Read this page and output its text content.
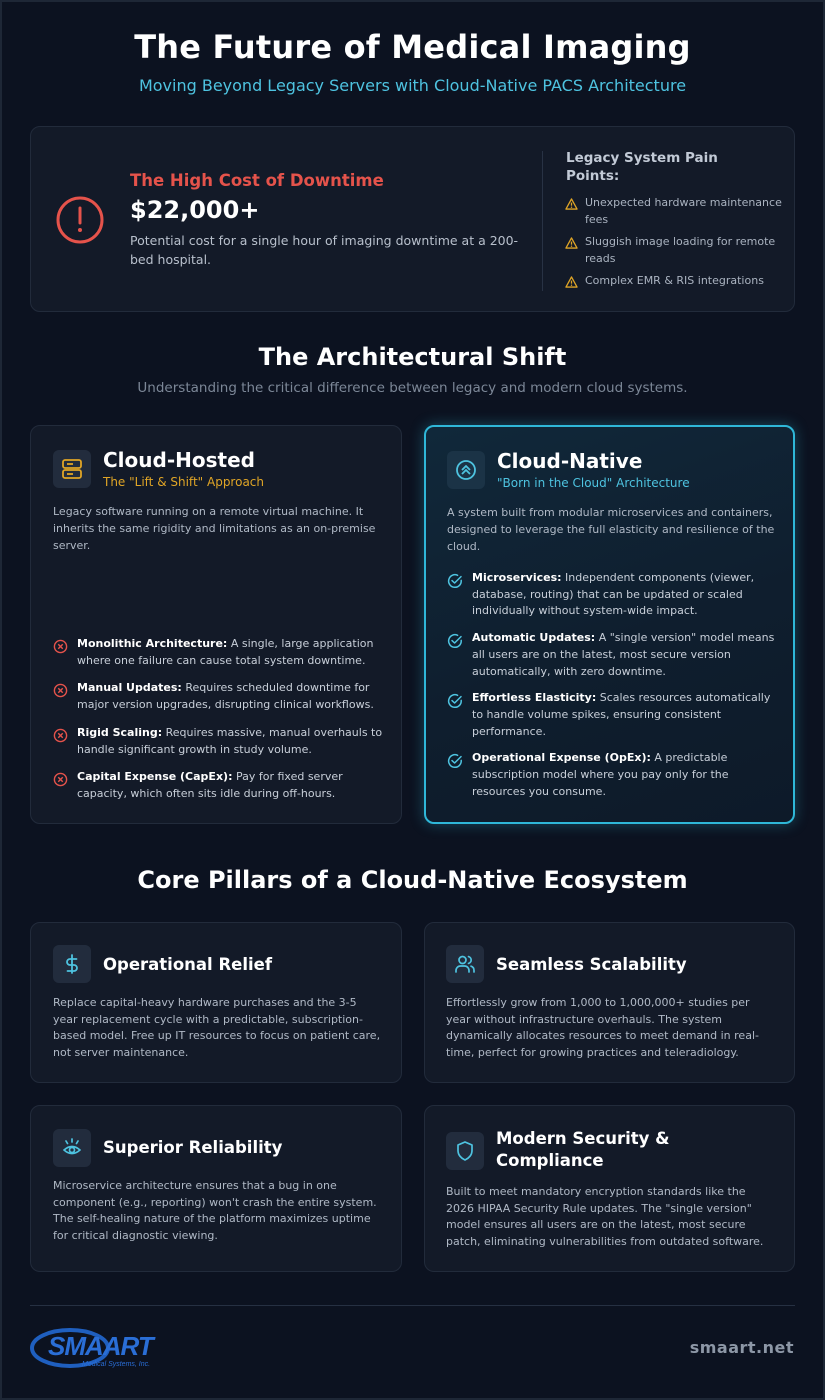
The Future of Medical Imaging
Moving Beyond Legacy Servers with Cloud-Native PACS Architecture
The High Cost of Downtime
$22,000+
Potential cost for a single hour of imaging downtime at a 200-bed hospital.
Legacy System Pain Points:
Unexpected hardware maintenance fees
Sluggish image loading for remote reads
Complex EMR & RIS integrations
The Architectural Shift
Understanding the critical difference between legacy and modern cloud systems.
Cloud-Hosted
The "Lift & Shift" Approach
Legacy software running on a remote virtual machine. It inherits the same rigidity and limitations as an on-premise server.
Monolithic Architecture: A single, large application where one failure can cause total system downtime.
Manual Updates: Requires scheduled downtime for major version upgrades, disrupting clinical workflows.
Rigid Scaling: Requires massive, manual overhauls to handle significant growth in study volume.
Capital Expense (CapEx): Pay for fixed server capacity, which often sits idle during off-hours.
Cloud-Native
"Born in the Cloud" Architecture
A system built from modular microservices and containers, designed to leverage the full elasticity and resilience of the cloud.
Microservices: Independent components (viewer, database, routing) that can be updated or scaled individually without system-wide impact.
Automatic Updates: A "single version" model means all users are on the latest, most secure version automatically, with zero downtime.
Effortless Elasticity: Scales resources automatically to handle volume spikes, ensuring consistent performance.
Operational Expense (OpEx): A predictable subscription model where you pay only for the resources you consume.
Core Pillars of a Cloud-Native Ecosystem
Operational Relief
Replace capital-heavy hardware purchases and the 3-5 year replacement cycle with a predictable, subscription-based model. Free up IT resources to focus on patient care, not server maintenance.
Seamless Scalability
Effortlessly grow from 1,000 to 1,000,000+ studies per year without infrastructure overhauls. The system dynamically allocates resources to meet demand in real-time, perfect for growing practices and teleradiology.
Superior Reliability
Microservice architecture ensures that a bug in one component (e.g., reporting) won't crash the entire system. The self-healing nature of the platform maximizes uptime for critical diagnostic viewing.
Modern Security & Compliance
Built to meet mandatory encryption standards like the 2026 HIPAA Security Rule updates. The "single version" model ensures all users are on the latest, most secure patch, eliminating vulnerabilities from outdated software.
SMAART
Medical Systems, Inc.
smaart.net
